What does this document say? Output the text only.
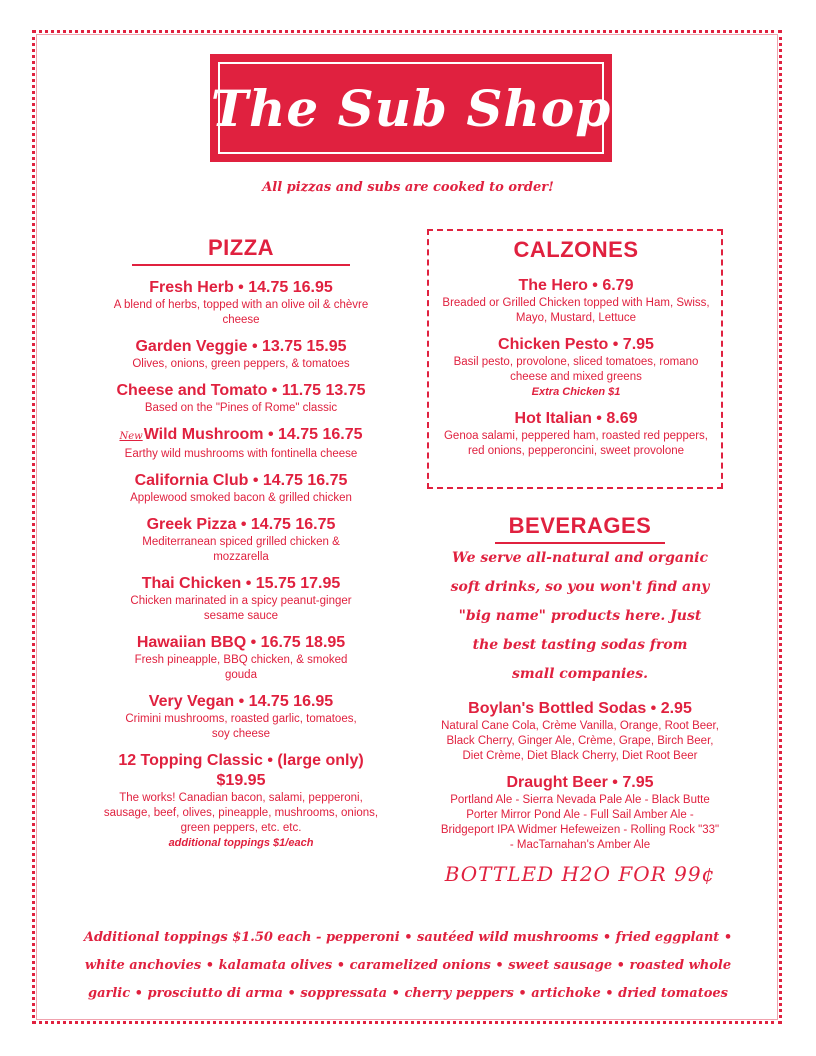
The Sub Shop
All pizzas and subs are cooked to order!

PIZZA

Fresh Herb • 14.75 16.95

A blend of herbs, topped with an olive oil & chèvre cheese

Garden Veggie • 13.75 15.95

Olives, onions, green peppers, & tomatoes

Cheese and Tomato • 11.75 13.75

Based on the "Pines of Rome" classic

NewWild Mushroom • 14.75 16.75

Earthy wild mushrooms with fontinella cheese

California Club • 14.75 16.75

Applewood smoked bacon & grilled chicken

Greek Pizza • 14.75 16.75

Mediterranean spiced grilled chicken & mozzarella

Thai Chicken • 15.75 17.95

Chicken marinated in a spicy peanut-ginger sesame sauce

Hawaiian BBQ • 16.75 18.95

Fresh pineapple, BBQ chicken, & smoked gouda

Very Vegan • 14.75 16.95

Crimini mushrooms, roasted garlic, tomatoes, soy cheese

12 Topping Classic • (large only) $19.95

The works! Canadian bacon, salami, pepperoni, sausage, beef, olives, pineapple, mushrooms, onions, green peppers, etc. etc.

additional toppings $1/each

CALZONES

The Hero • 6.79

Breaded or Grilled Chicken topped with Ham, Swiss, Mayo, Mustard, Lettuce

Chicken Pesto • 7.95

Basil pesto, provolone, sliced tomatoes, romano cheese and mixed greens

Extra Chicken $1

Hot Italian • 8.69

Genoa salami, peppered ham, roasted red peppers, red onions, pepperoncini, sweet provolone

BEVERAGES

We serve all-natural and organic soft drinks, so you won't find any "big name" products here. Just the best tasting sodas from small companies.

Boylan's Bottled Sodas • 2.95

Natural Cane Cola, Crème Vanilla, Orange, Root Beer, Black Cherry, Ginger Ale, Crème, Grape, Birch Beer, Diet Crème, Diet Black Cherry, Diet Root Beer

Draught Beer • 7.95

Portland Ale - Sierra Nevada Pale Ale - Black Butte Porter Mirror Pond Ale - Full Sail Amber Ale - Bridgeport IPA Widmer Hefeweizen - Rolling Rock "33" - MacTarnahan's Amber Ale

BOTTLED H2O FOR 99¢
Additional toppings $1.50 each - pepperoni • sautéed wild mushrooms • fried eggplant • white anchovies • kalamata olives • caramelized onions • sweet sausage • roasted whole garlic • prosciutto di arma • soppressata • cherry peppers • artichoke • dried tomatoes
